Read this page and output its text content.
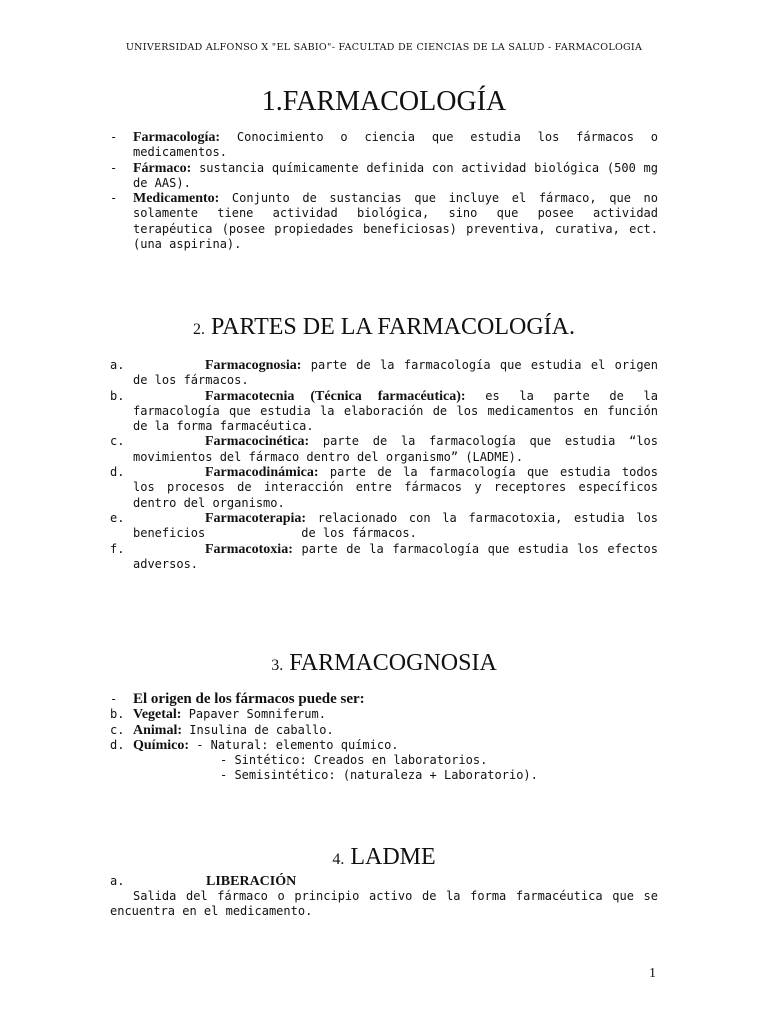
UNIVERSIDAD ALFONSO X "EL SABIO"- FACULTAD DE CIENCIAS DE LA SALUD - FARMACOLOGIA
1.FARMACOLOGÍA
- Farmacología: Conocimiento o ciencia que estudia los fármacos o medicamentos.
- Fármaco: sustancia químicamente definida con actividad biológica (500 mg de AAS).
- Medicamento: Conjunto de sustancias que incluye el fármaco, que no solamente tiene actividad biológica, sino que posee actividad terapéutica (posee propiedades beneficiosas) preventiva, curativa, ect. (una aspirina).
2. PARTES DE LA FARMACOLOGÍA.
a.	Farmacognosia: parte de la farmacología que estudia el origen de los fármacos.
b.	Farmacotecnia (Técnica farmacéutica): es la parte de la farmacología que estudia la elaboración de los medicamentos en función de la forma farmacéutica.
c.	Farmacocinética: parte de la farmacología que estudia “los movimientos del fármaco dentro del organismo” (LADME).
d.	Farmacodinámica: parte de la farmacología que estudia todos los procesos de interacción entre fármacos y receptores específicos dentro del organismo.
e.	Farmacoterapia: relacionado con la farmacotoxia, estudia los beneficios	de los fármacos.
f.	Farmacotoxia: parte de la farmacología que estudia los efectos adversos.
3. FARMACOGNOSIA
- El origen de los fármacos puede ser:
b. Vegetal: Papaver Somniferum.
c. Animal: Insulina de caballo.
d. Químico: - Natural: elemento químico.
- Sintético: Creados en laboratorios.
- Semisintético: (naturaleza + Laboratorio).
4. LADME
a.	LIBERACIÓN
Salida del fármaco o principio activo de la forma farmacéutica que se encuentra en el medicamento.
1
